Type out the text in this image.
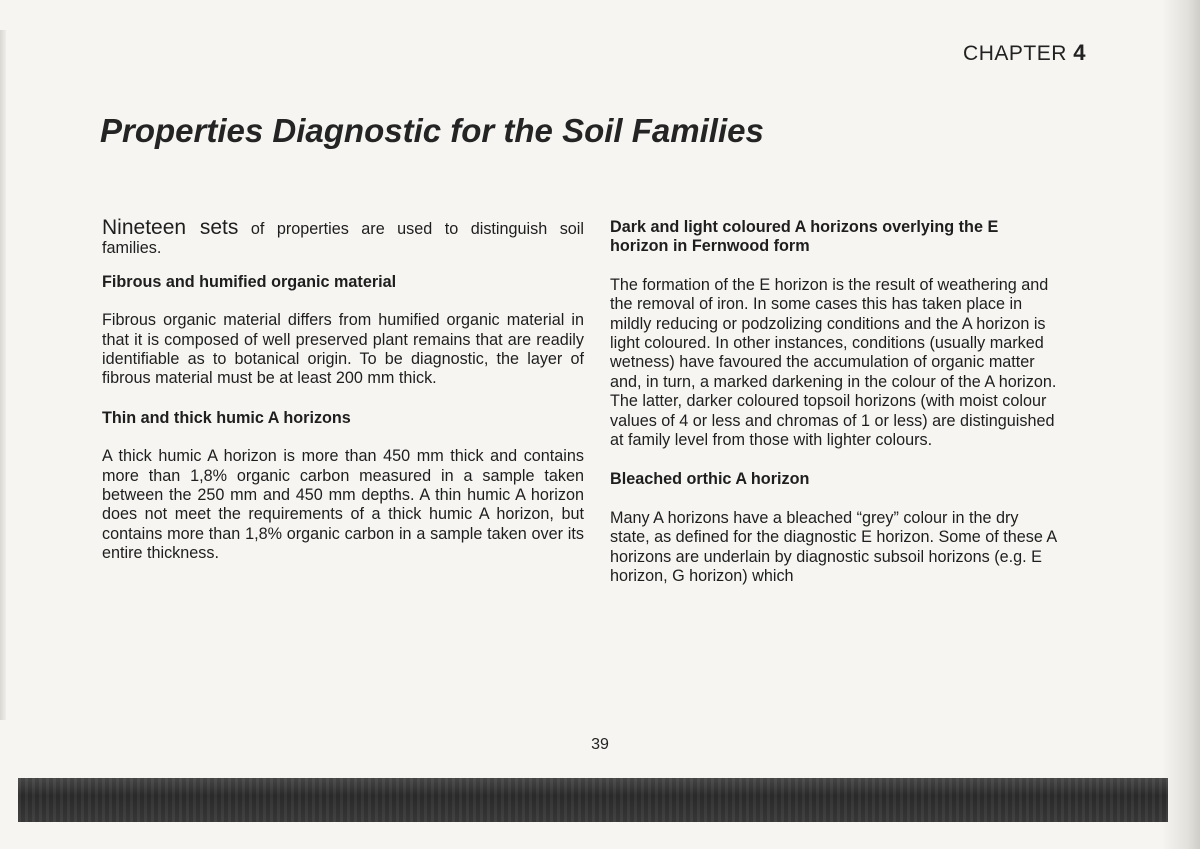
CHAPTER 4
Properties Diagnostic for the Soil Families

Nineteen sets of properties are used to distinguish soil families.

Fibrous and humified organic material

Fibrous organic material differs from humified organic material in that it is composed of well preserved plant remains that are readily identifiable as to botanical origin. To be diagnostic, the layer of fibrous material must be at least 200 mm thick.

Thin and thick humic A horizons

A thick humic A horizon is more than 450 mm thick and contains more than 1,8% organic carbon measured in a sample taken between the 250 mm and 450 mm depths. A thin humic A horizon does not meet the requirements of a thick humic A horizon, but contains more than 1,8% organic carbon in a sample taken over its entire thickness.

Dark and light coloured A horizons overlying the E horizon in Fernwood form

The formation of the E horizon is the result of weathering and the removal of iron. In some cases this has taken place in mildly reducing or podzolizing conditions and the A horizon is light coloured. In other instances, conditions (usually marked wetness) have favoured the accumulation of organic matter and, in turn, a marked darkening in the colour of the A horizon. The latter, darker coloured topsoil horizons (with moist colour values of 4 or less and chromas of 1 or less) are distinguished at family level from those with lighter colours.

Bleached orthic A horizon

Many A horizons have a bleached “grey” colour in the dry state, as defined for the diagnostic E horizon. Some of these A horizons are underlain by diagnostic subsoil horizons (e.g. E horizon, G horizon) which

39
